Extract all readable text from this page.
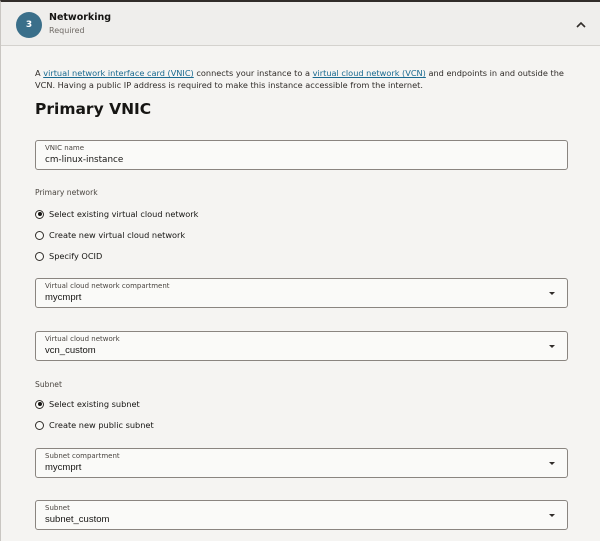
3
Networking
Required

A virtual network interface card (VNIC) connects your instance to a virtual cloud network (VCN) and endpoints in and outside the VCN. Having a public IP address is required to make this instance accessible from the internet.

Primary VNIC
VNIC name
cm-linux-instance
Primary network
Select existing virtual cloud network
Create new virtual cloud network
Specify OCID
Virtual cloud network compartment
mycmprt
Virtual cloud network
vcn_custom
Subnet
Select existing subnet
Create new public subnet
Subnet compartment
mycmprt
Subnet
subnet_custom
